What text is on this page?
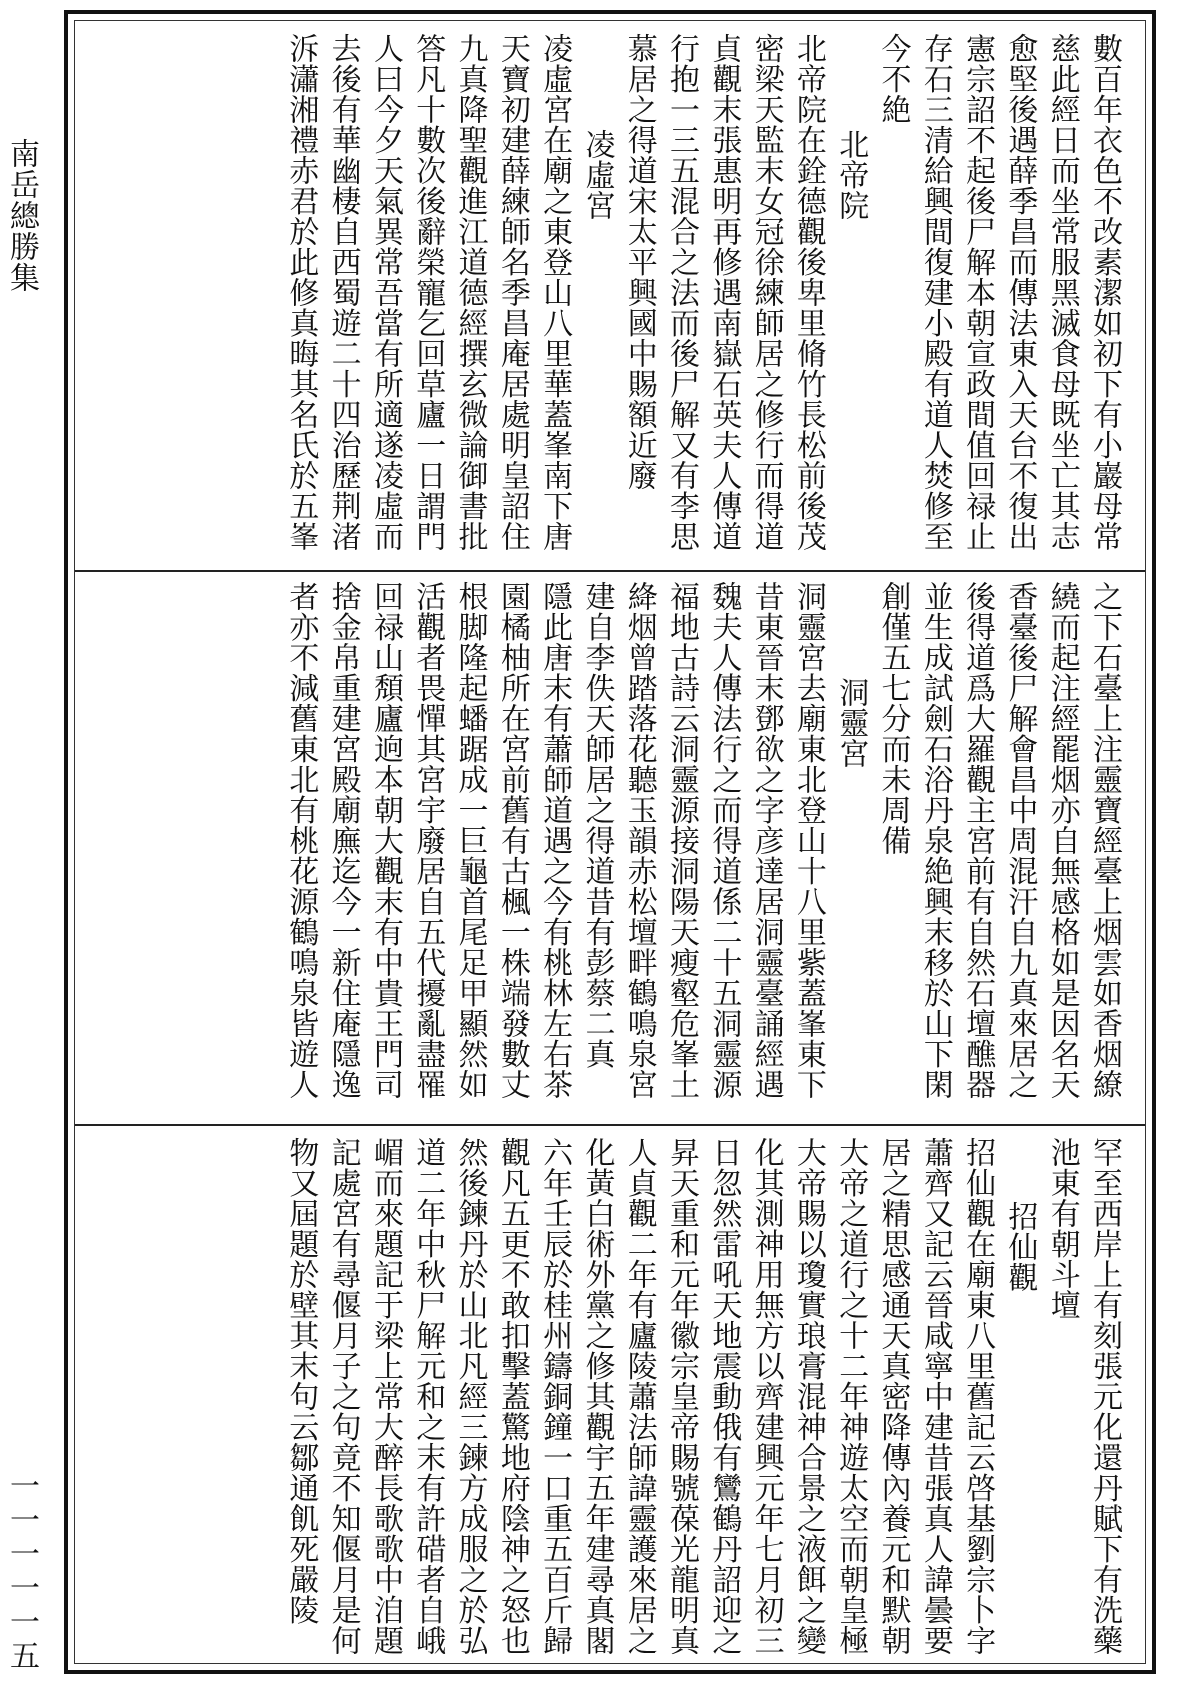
南岳總勝集
一一一一一五
數百年衣色不改素潔如初下有小巖母常
慈此經日而坐常服黑滅食母既坐亡其志
愈堅後遇薛季昌而傳法東入天台不復出
憲宗詔不起後尸解本朝宣政間值回禄止
存石三清給興間復建小殿有道人焚修至
今不絶
北帝院
北帝院在銓德觀後卑里脩竹長松前後茂
密梁天監末女冠徐練師居之修行而得道
貞觀末張惠明再修遇南嶽石英夫人傳道
行抱一三五混合之法而後尸解又有李思
慕居之得道宋太平興國中賜額近廢
凌虛宮
凌虛宮在廟之東登山八里華蓋峯南下唐
天寶初建薛練師名季昌庵居處明皇詔住
九真降聖觀進江道德經撰玄微論御書批
答凡十數次後辭榮寵乞回草廬一日謂門
人曰今夕天氣異常吾當有所適遂凌虛而
去後有華幽棲自西蜀遊二十四治歷荆渚
泝瀟湘禮赤君於此修真晦其名氏於五峯
之下石臺上注靈寶經臺上烟雲如香烟繚
繞而起注經罷烟亦自無感格如是因名天
香臺後尸解會昌中周混汗自九真來居之
後得道爲大羅觀主宮前有自然石壇醮器
並生成試劍石浴丹泉絶興末移於山下閑
創僅五七分而未周備
洞靈宮
洞靈宮去廟東北登山十八里紫蓋峯東下
昔東晉末鄧欲之字彦達居洞靈臺誦經遇
魏夫人傳法行之而得道係二十五洞靈源
福地古詩云洞靈源接洞陽天瘦壑危峯土
絳烟曾踏落花聽玉韻赤松壇畔鶴鳴泉宮
建自李佚天師居之得道昔有彭蔡二真
隱此唐末有蕭師道遇之今有桃林左右茶
園橘柚所在宮前舊有古楓一株端發數丈
根脚隆起蟠踞成一巨龜首尾足甲顯然如
活觀者畏憚其宮宇廢居自五代擾亂盡罹
回禄山頽廬逈本朝大觀末有中貴王門司
捨金帛重建宮殿廟廡迄今一新住庵隱逸
者亦不減舊東北有桃花源鶴鳴泉皆遊人
罕至西岸上有刻張元化還丹賦下有洗藥
池東有朝斗壇
招仙觀
招仙觀在廟東八里舊記云啓基劉宗卜字
蕭齊又記云晉咸寧中建昔張真人諱曇要
居之精思感通天真密降傳內養元和默朝
大帝之道行之十二年神遊太空而朝皇極
大帝賜以瓊實琅膏混神合景之液餌之變
化其測神用無方以齊建興元年七月初三
日忽然雷吼天地震動俄有鸞鶴丹詔迎之
昇天重和元年徽宗皇帝賜號葆光龍明真
人貞觀二年有廬陵蕭法師諱靈護來居之
化黃白術外黨之修其觀宇五年建尋真閣
六年壬辰於桂州鑄銅鐘一口重五百斤歸
觀凡五更不敢扣擊蓋驚地府陰神之怒也
然後鍊丹於山北凡經三鍊方成服之於弘
道二年中秋尸解元和之末有許碏者自峨
嵋而來題記于梁上常大醉長歌歌中洎題
記處宮有尋偃月子之句竟不知偃月是何
物又屆題於壁其末句云鄒通飢死嚴陵
